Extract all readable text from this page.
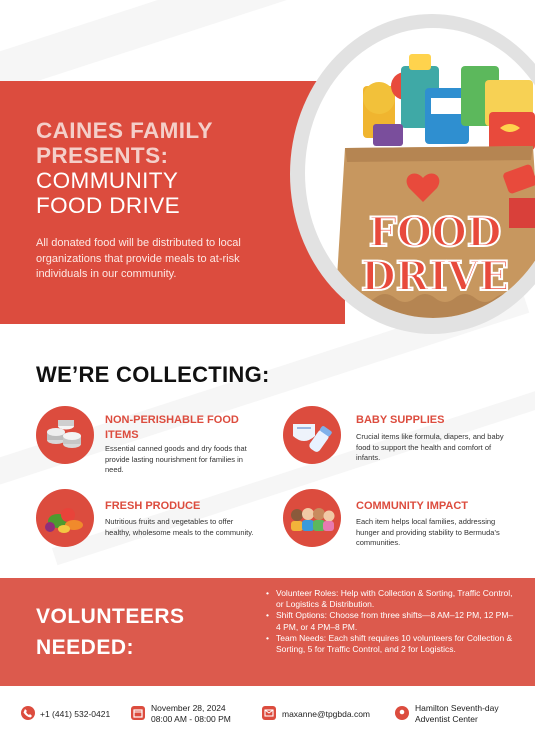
FOOD
DRIVE
CAINES FAMILY
PRESENTS:
COMMUNITY
FOOD DRIVE
All donated food will be distributed to local organizations that provide meals to at-risk individuals in our community.
WE’RE COLLECTING:
NON-PERISHABLE FOOD ITEMS
Essential canned goods and dry foods that provide lasting nourishment for families in need.
BABY SUPPLIES
Crucial items like formula, diapers, and baby food to support the health and comfort of infants.
FRESH PRODUCE
Nutritious fruits and vegetables to offer healthy, wholesome meals to the community.
COMMUNITY IMPACT
Each item helps local families, addressing hunger and providing stability to Bermuda’s communities.
VOLUNTEERS
NEEDED:
• Volunteer Roles: Help with Collection & Sorting, Traffic Control, or Logistics & Distribution.
• Shift Options: Choose from three shifts—8 AM–12 PM, 12 PM–4 PM, or 4 PM–8 PM.
• Team Needs: Each shift requires 10 volunteers for Collection & Sorting, 5 for Traffic Control, and 2 for Logistics.
+1 (441) 532-0421
November 28, 2024
08:00 AM - 08:00 PM	maxanne@tpgbda.com
Hamilton Seventh-day
Adventist Center
